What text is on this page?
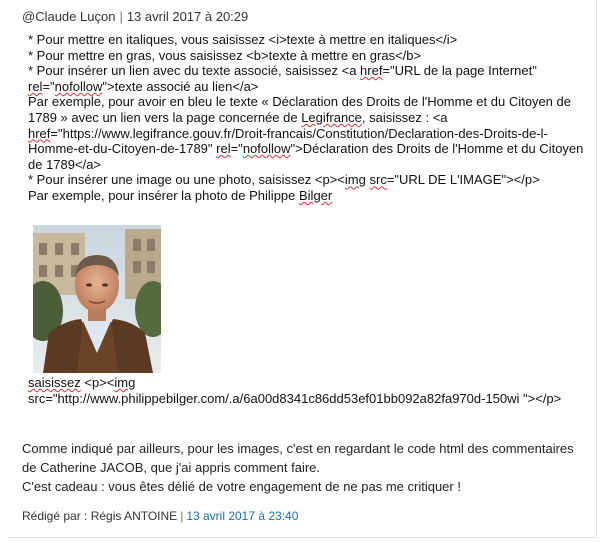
@Claude Luçon | 13 avril 2017 à 20:29

* Pour mettre en italiques, vous saisissez <i>texte à mettre en italiques</i>

* Pour mettre en gras, vous saisissez <b>texte à mettre en gras</b>

* Pour insérer un lien avec du texte associé, saisissez <a href="URL de la page Internet" rel="nofollow">texte associé au lien</a>

Par exemple, pour avoir en bleu le texte « Déclaration des Droits de l'Homme et du Citoyen de 1789 » avec un lien vers la page concernée de Legifrance, saisissez : <a href="https://www.legifrance.gouv.fr/Droit-francais/Constitution/Declaration-des-Droits-de-l-Homme-et-du-Citoyen-de-1789" rel="nofollow">Déclaration des Droits de l'Homme et du Citoyen de 1789</a>

* Pour insérer une image ou une photo, saisissez <p><img src="URL DE L'IMAGE"></p>

Par exemple, pour insérer la photo de Philippe Bilger

saisissez <p><img
src="http://www.philippebilger.com/.a/6a00d8341c86dd53ef01bb092a82fa970d-150wi "></p>

Comme indiqué par ailleurs, pour les images, c'est en regardant le code html des commentaires de Catherine JACOB, que j'ai appris comment faire.

C'est cadeau : vous êtes délié de votre engagement de ne pas me critiquer !

Rédigé par : Régis ANTOINE | 13 avril 2017 à 23:40
